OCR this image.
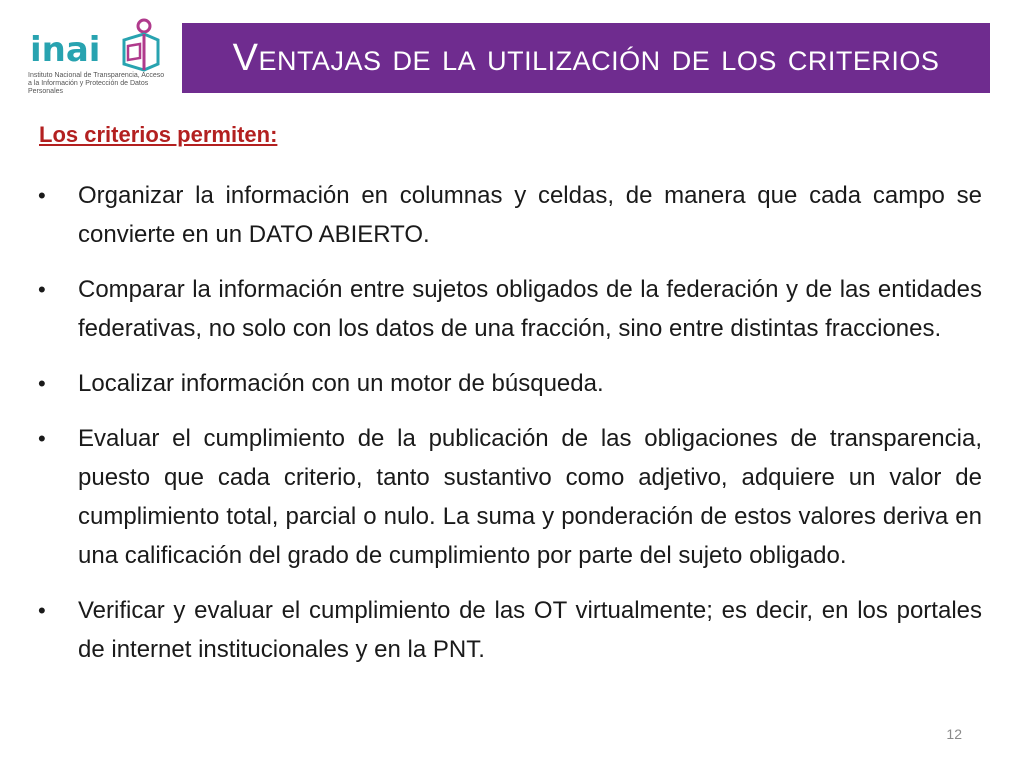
inai
Instituto Nacional de Transparencia, Acceso a la Información y Protección de Datos Personales
Ventajas de la utilización de los criterios
Los criterios permiten:
•	Organizar la información en columnas y celdas, de manera que cada campo se convierte en un DATO ABIERTO.
•	Comparar la información entre sujetos obligados de la federación y de las entidades federativas, no solo con los datos de una fracción, sino entre distintas fracciones.
•	Localizar información con un motor de búsqueda.
•	Evaluar el cumplimiento de la publicación de las obligaciones de transparencia, puesto que cada criterio, tanto sustantivo como adjetivo, adquiere un valor de cumplimiento total, parcial o nulo. La suma y ponderación de estos valores deriva en una calificación del grado de cumplimiento por parte del sujeto obligado.
•	Verificar y evaluar el cumplimiento de las OT virtualmente; es decir, en los portales de internet institucionales y en la PNT.
12
